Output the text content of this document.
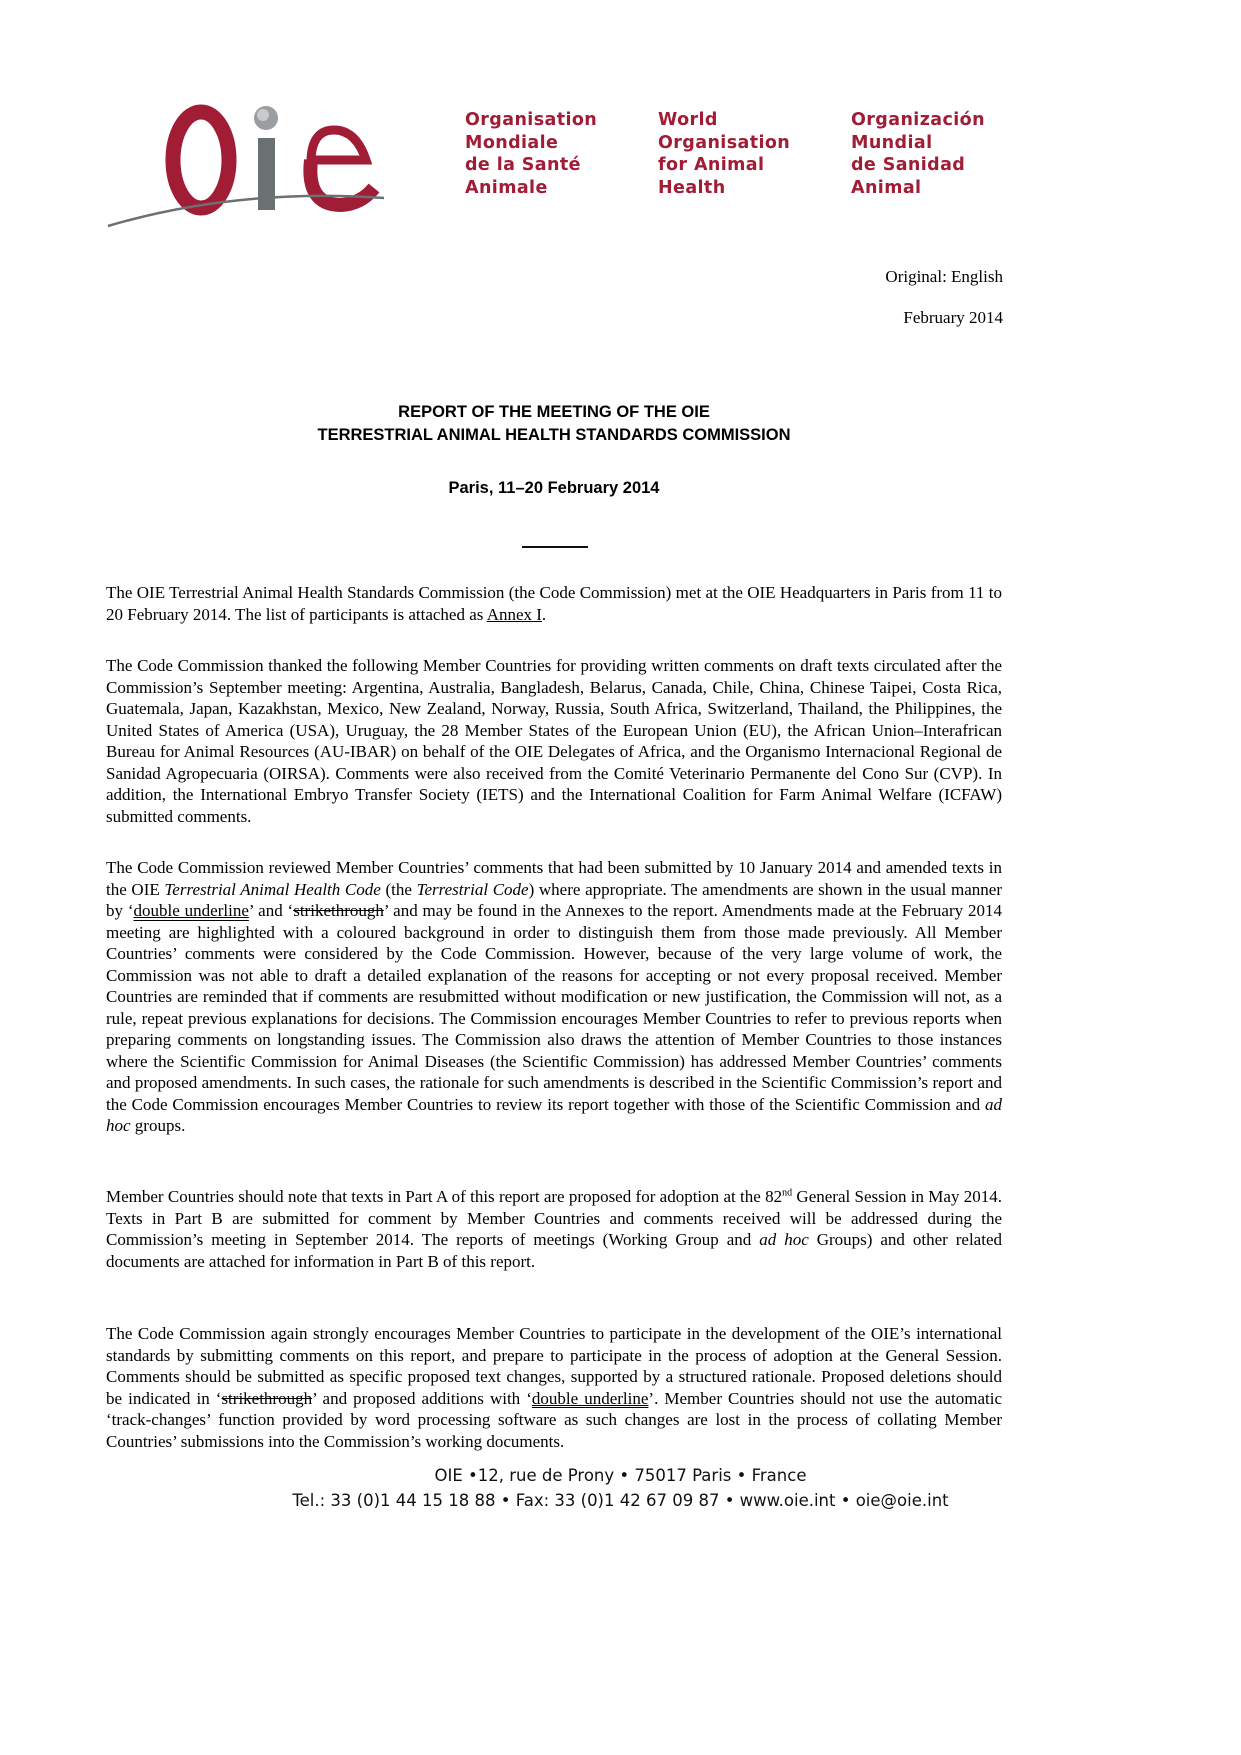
Organisation
Mondiale
de la Santé
Animale
World
Organisation
for Animal
Health
Organización
Mundial
de Sanidad
Animal
Original: English
February 2014
REPORT OF THE MEETING OF THE OIE
TERRESTRIAL ANIMAL HEALTH STANDARDS COMMISSION
Paris, 11–20 February 2014
The OIE Terrestrial Animal Health Standards Commission (the Code Commission) met at the OIE Headquarters in Paris from 11 to 20 February 2014. The list of participants is attached as Annex I.
The Code Commission thanked the following Member Countries for providing written comments on draft texts circulated after the Commission’s September meeting: Argentina, Australia, Bangladesh, Belarus, Canada, Chile, China, Chinese Taipei, Costa Rica, Guatemala, Japan, Kazakhstan, Mexico, New Zealand, Norway, Russia, South Africa, Switzerland, Thailand, the Philippines, the United States of America (USA), Uruguay, the 28 Member States of the European Union (EU), the African Union–Interafrican Bureau for Animal Resources (AU-IBAR) on behalf of the OIE Delegates of Africa, and the Organismo Internacional Regional de Sanidad Agropecuaria (OIRSA). Comments were also received from the Comité Veterinario Permanente del Cono Sur (CVP). In addition, the International Embryo Transfer Society (IETS) and the International Coalition for Farm Animal Welfare (ICFAW) submitted comments.
The Code Commission reviewed Member Countries’ comments that had been submitted by 10 January 2014 and amended texts in the OIE Terrestrial Animal Health Code (the Terrestrial Code) where appropriate. The amendments are shown in the usual manner by ‘double underline’ and ‘strikethrough’ and may be found in the Annexes to the report. Amendments made at the February 2014 meeting are highlighted with a coloured background in order to distinguish them from those made previously. All Member Countries’ comments were considered by the Code Commission. However, because of the very large volume of work, the Commission was not able to draft a detailed explanation of the reasons for accepting or not every proposal received. Member Countries are reminded that if comments are resubmitted without modification or new justification, the Commission will not, as a rule, repeat previous explanations for decisions. The Commission encourages Member Countries to refer to previous reports when preparing comments on longstanding issues. The Commission also draws the attention of Member Countries to those instances where the Scientific Commission for Animal Diseases (the Scientific Commission) has addressed Member Countries’ comments and proposed amendments. In such cases, the rationale for such amendments is described in the Scientific Commission’s report and the Code Commission encourages Member Countries to review its report together with those of the Scientific Commission and ad hoc groups.
Member Countries should note that texts in Part A of this report are proposed for adoption at the 82nd General Session in May 2014. Texts in Part B are submitted for comment by Member Countries and comments received will be addressed during the Commission’s meeting in September 2014. The reports of meetings (Working Group and ad hoc Groups) and other related documents are attached for information in Part B of this report.
The Code Commission again strongly encourages Member Countries to participate in the development of the OIE’s international standards by submitting comments on this report, and prepare to participate in the process of adoption at the General Session. Comments should be submitted as specific proposed text changes, supported by a structured rationale. Proposed deletions should be indicated in ‘strikethrough’ and proposed additions with ‘double underline’. Member Countries should not use the automatic ‘track-changes’ function provided by word processing software as such changes are lost in the process of collating Member Countries’ submissions into the Commission’s working documents.
OIE •12, rue de Prony • 75017 Paris • France
Tel.: 33 (0)1 44 15 18 88 • Fax: 33 (0)1 42 67 09 87 • www.oie.int • oie@oie.int
